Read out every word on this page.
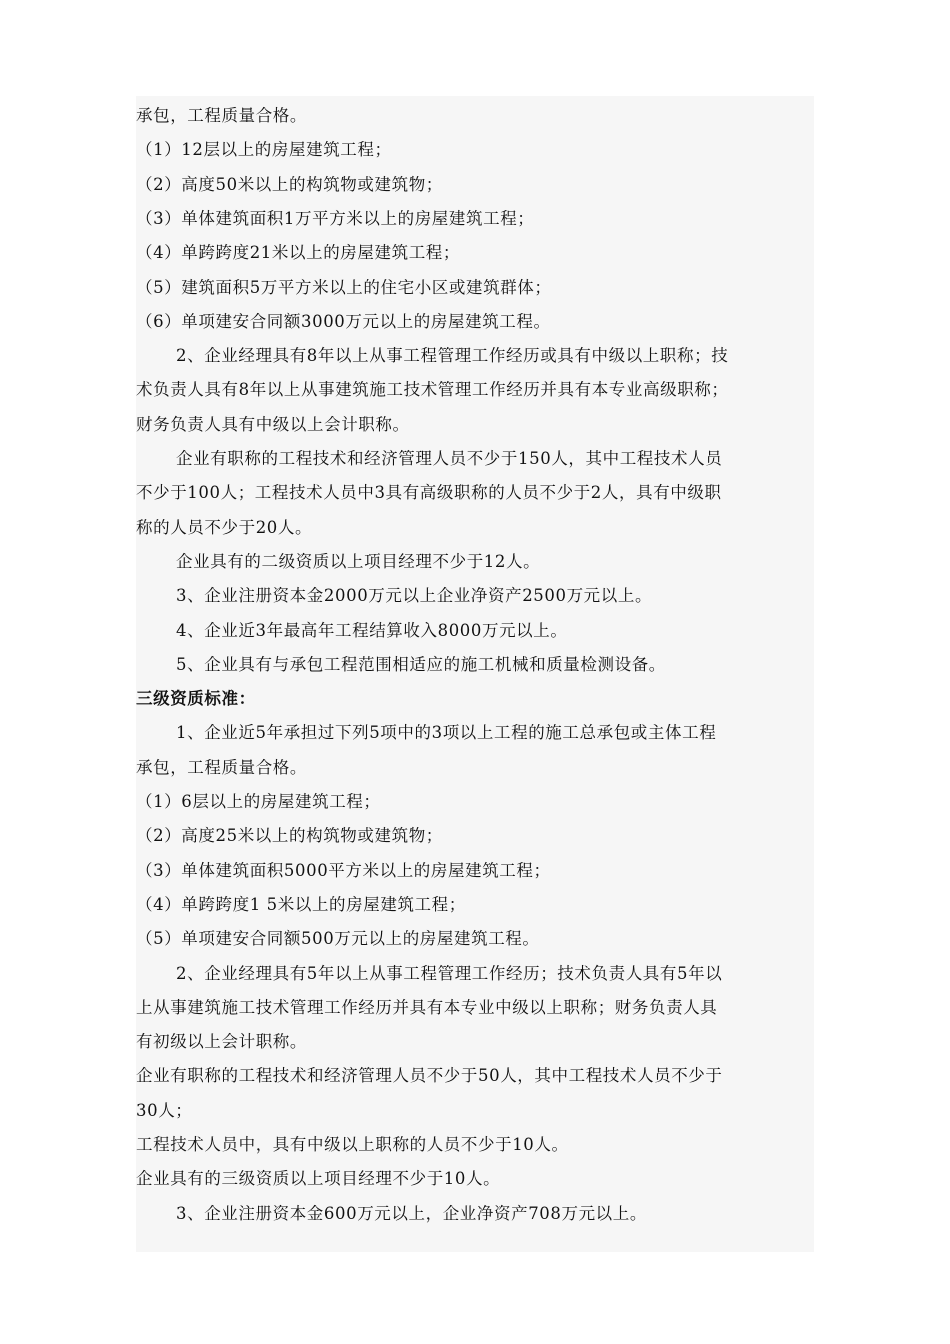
承包，工程质量合格。
（1）12层以上的房屋建筑工程；
（2）高度50米以上的构筑物或建筑物；
（3）单体建筑面积1万平方米以上的房屋建筑工程；
（4）单跨跨度21米以上的房屋建筑工程；
（5）建筑面积5万平方米以上的住宅小区或建筑群体；
（6）单项建安合同额3000万元以上的房屋建筑工程。
2、企业经理具有8年以上从事工程管理工作经历或具有中级以上职称；技
术负责人具有8年以上从事建筑施工技术管理工作经历并具有本专业高级职称；
财务负责人具有中级以上会计职称。
企业有职称的工程技术和经济管理人员不少于150人，其中工程技术人员
不少于100人；工程技术人员中3具有高级职称的人员不少于2人，具有中级职
称的人员不少于20人。
企业具有的二级资质以上项目经理不少于12人。
3、企业注册资本金2000万元以上企业净资产2500万元以上。
4、企业近3年最高年工程结算收入8000万元以上。
5、企业具有与承包工程范围相适应的施工机械和质量检测设备。
三级资质标准：
1、企业近5年承担过下列5项中的3项以上工程的施工总承包或主体工程
承包，工程质量合格。
（1）6层以上的房屋建筑工程；
（2）高度25米以上的构筑物或建筑物；
（3）单体建筑面积5000平方米以上的房屋建筑工程；
（4）单跨跨度1 5米以上的房屋建筑工程；
（5）单项建安合同额500万元以上的房屋建筑工程。
2、企业经理具有5年以上从事工程管理工作经历；技术负责人具有5年以
上从事建筑施工技术管理工作经历并具有本专业中级以上职称；财务负责人具
有初级以上会计职称。
企业有职称的工程技术和经济管理人员不少于50人，其中工程技术人员不少于
30人；
工程技术人员中，具有中级以上职称的人员不少于10人。
企业具有的三级资质以上项目经理不少于10人。
3、企业注册资本金600万元以上，企业净资产708万元以上。
